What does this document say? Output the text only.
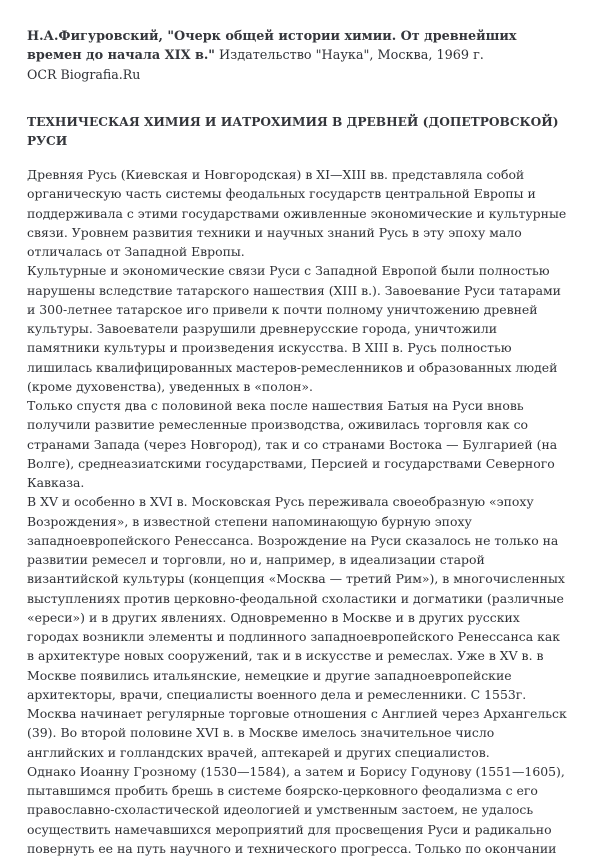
Н.А.Фигуровский, "Очерк общей истории химии. От древнейших времен до начала XIX в." Издательство "Наука", Москва, 1969 г.
OCR Biografia.Ru

ТЕХНИЧЕСКАЯ ХИМИЯ И ИАТРОХИМИЯ В ДРЕВНЕЙ (ДОПЕТРОВСКОЙ) РУСИ

Древняя Русь (Киевская и Новгородская) в XI—XIII вв. представляла собой органическую часть системы феодальных государств центральной Европы и поддерживала с этими государствами оживленные экономические и культурные связи. Уровнем развития техники и научных знаний Русь в эту эпоху мало отличалась от Западной Европы.

Культурные и экономические связи Руси с Западной Европой были полностью нарушены вследствие татарского нашествия (XIII в.). Завоевание Руси татарами и 300-летнее татарское иго привели к почти полному уничтожению древней культуры. Завоеватели разрушили древнерусские города, уничтожили памятники культуры и произведения искусства. В XIII в. Русь полностью лишилась квалифицированных мастеров-ремесленников и образованных людей (кроме духовенства), уведенных в «полон».

Только спустя два с половиной века после нашествия Батыя на Руси вновь получили развитие ремесленные производства, оживилась торговля как со странами Запада (через Новгород), так и со странами Востока — Булгарией (на Волге), среднеазиатскими государствами, Персией и государствами Северного Кавказа.

В XV и особенно в XVI в. Московская Русь переживала своеобразную «эпоху Возрождения», в известной степени напоминающую бурную эпоху западноевропейского Ренессанса. Возрождение на Руси сказалось не только на развитии ремесел и торговли, но и, например, в идеализации старой византийской культуры (концепция «Москва — третий Рим»), в многочисленных выступлениях против церковно-феодальной схоластики и догматики (различные «ереси») и в других явлениях. Одновременно в Москве и в других русских городах возникли элементы и подлинного западноевропейского Ренессанса как в архитектуре новых сооружений, так и в искусстве и ремеслах. Уже в XV в. в Москве появились итальянские, немецкие и другие западноевропейские архитекторы, врачи, специалисты военного дела и ремесленники. С 1553г. Москва начинает регулярные торговые отношения с Англией через Архангельск (39). Во второй половине XVI в. в Москве имелось значительное число английских и голландских врачей, аптекарей и других специалистов.

Однако Иоанну Грозному (1530—1584), а затем и Борису Годунову (1551—1605), пытавшимся пробить брешь в системе боярско-церковного феодализма с его православно-схоластической идеологией и умственным застоем, не удалось осуществить намечавшихся мероприятий для просвещения Руси и радикально повернуть ее на путь научного и технического прогресса. Только по окончании
